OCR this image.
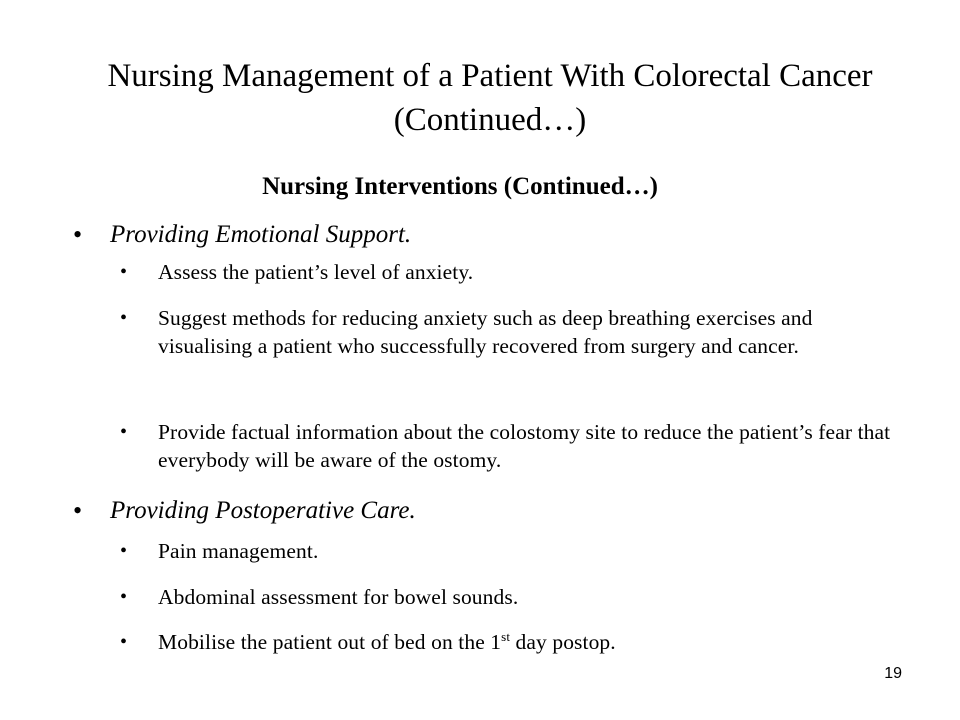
Nursing Management of a Patient With Colorectal Cancer (Continued…)
Nursing Interventions (Continued…)
• Providing Emotional Support.
• Assess the patient’s level of anxiety.
• Suggest methods for reducing anxiety such as deep breathing exercises and visualising a patient who successfully recovered from surgery and cancer.
• Provide factual information about the colostomy site to reduce the patient’s fear that everybody will be aware of the ostomy.
• Providing Postoperative Care.
• Pain management.
• Abdominal assessment for bowel sounds.
• Mobilise the patient out of bed on the 1st day postop.
19
